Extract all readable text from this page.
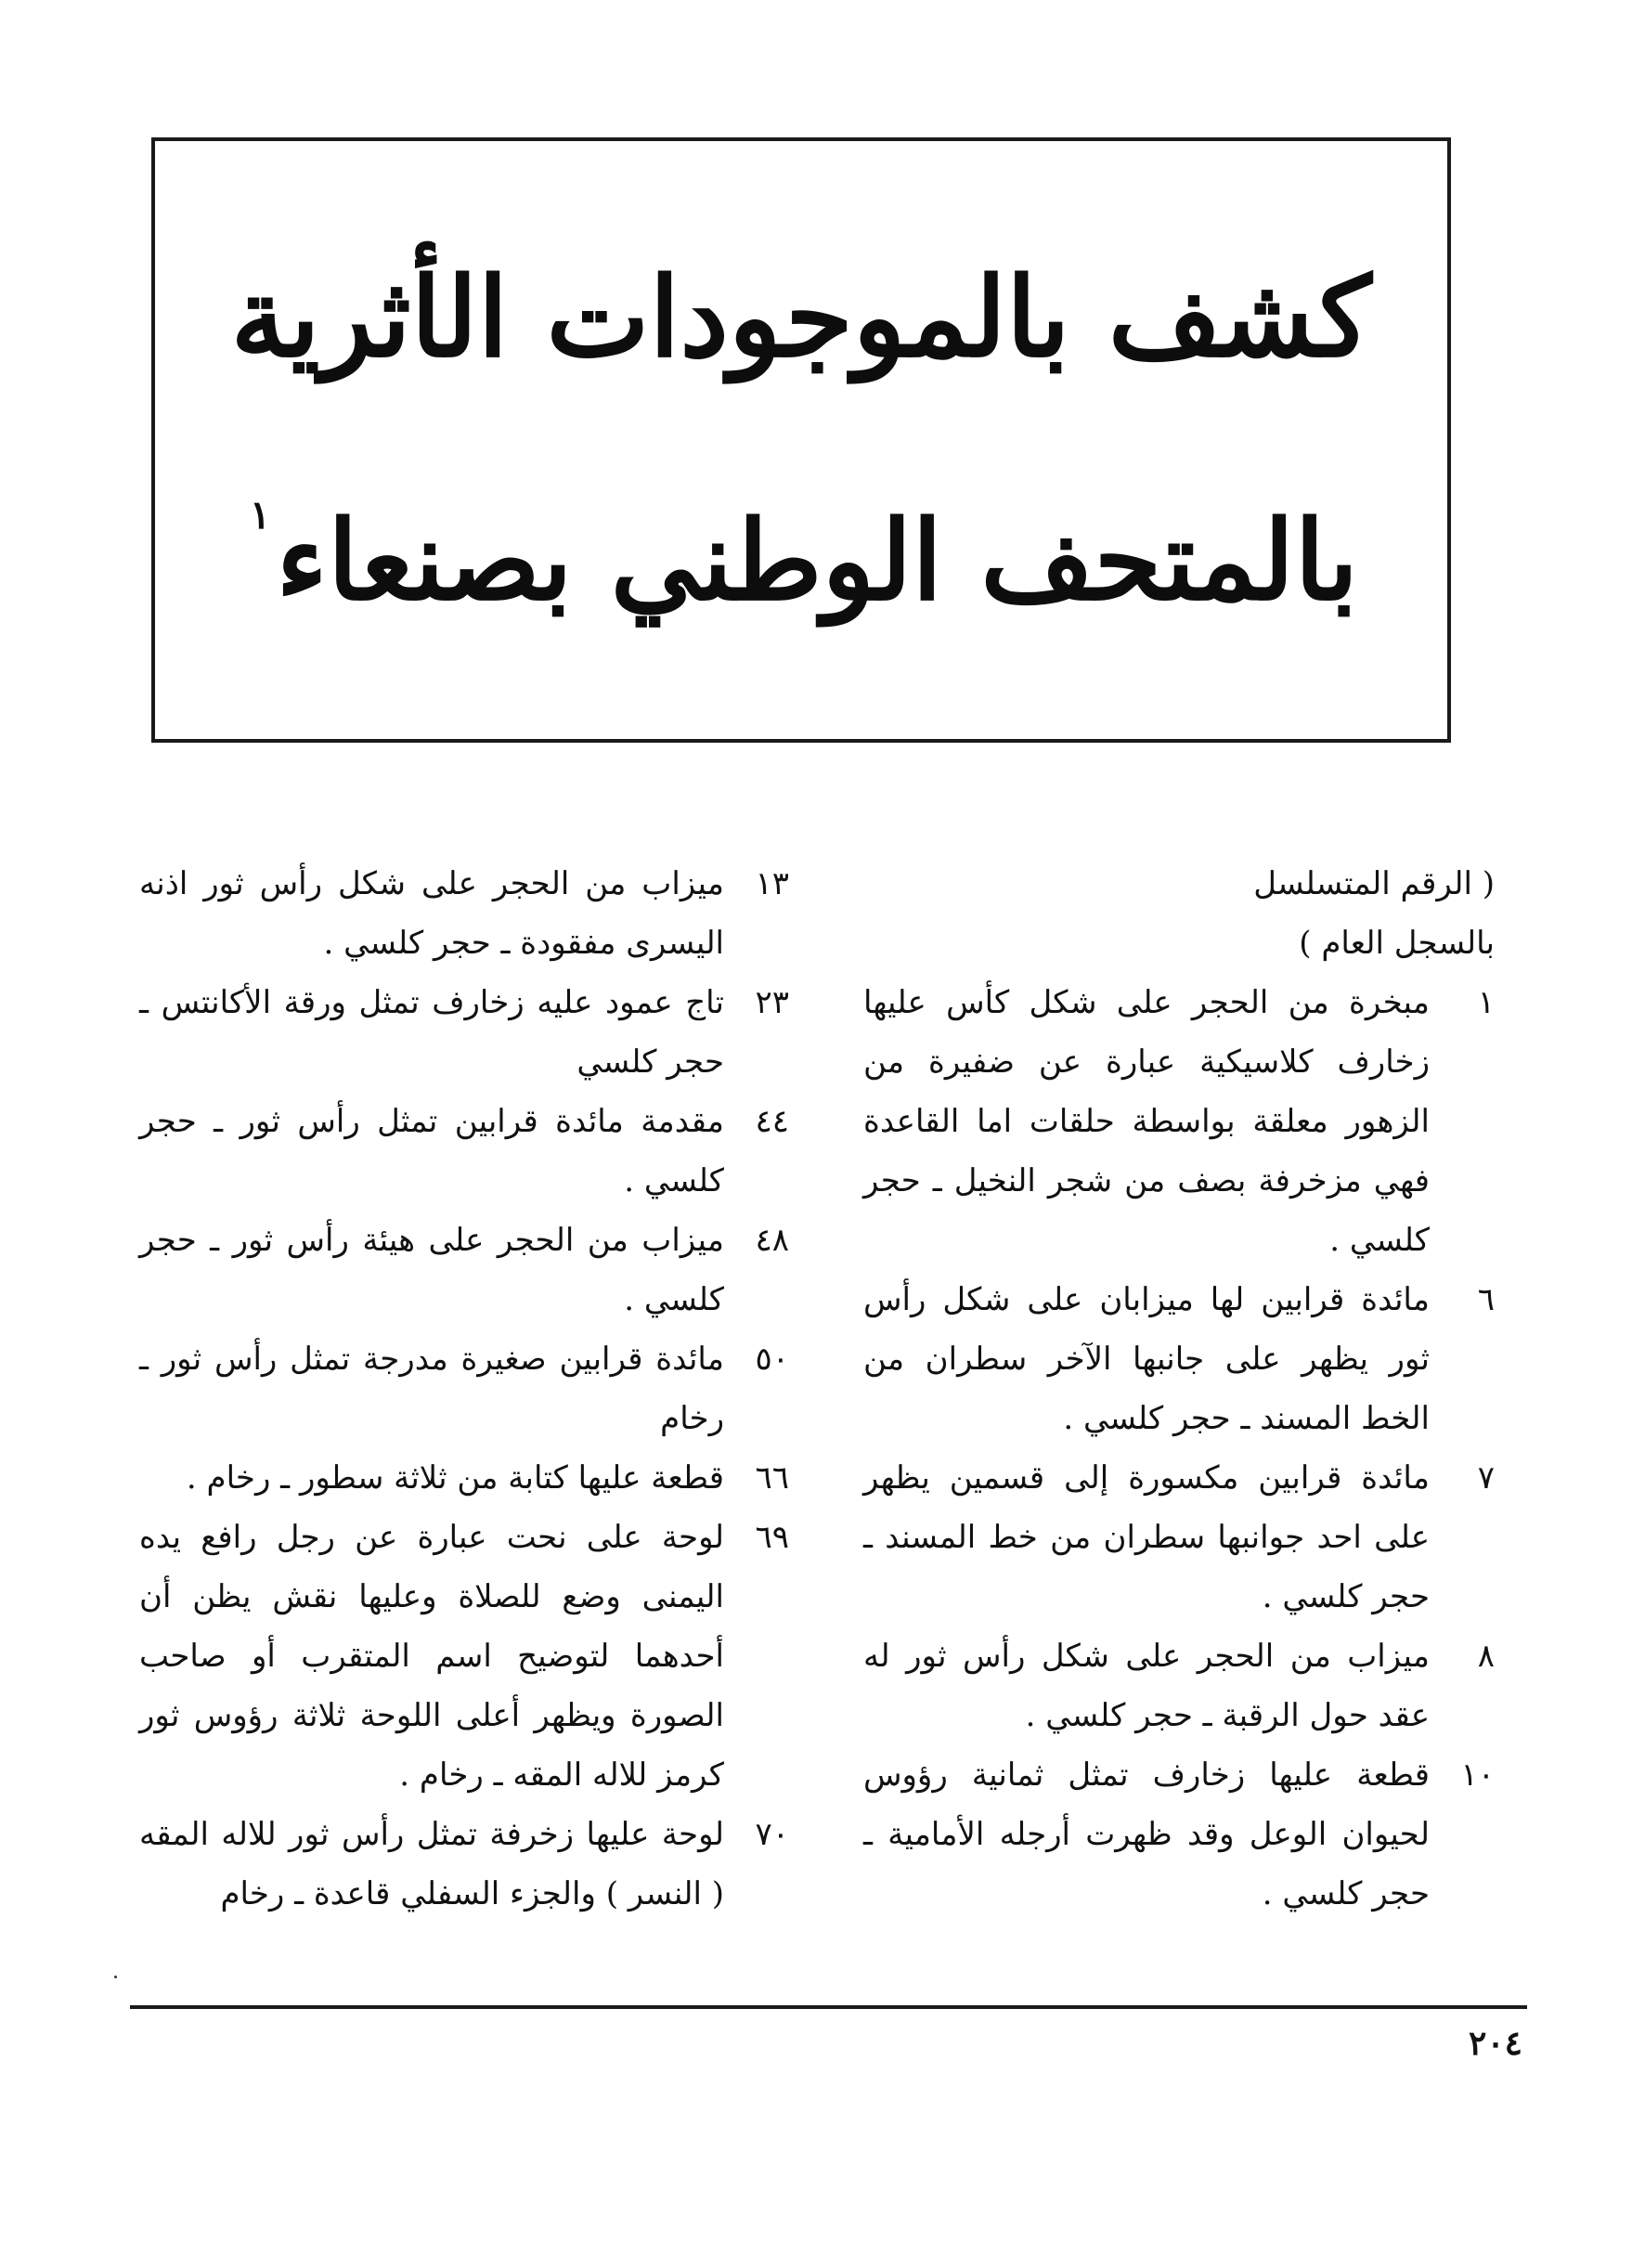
كشف بالموجودات الأثرية
بالمتحف الوطني بصنعاء$^١$
( الرقم المتسلسل
بالسجل العام )
١
مبخرة من الحجر على شكل كأس عليها زخارف كلاسيكية عبارة عن ضفيرة من الزهور معلقة بواسطة حلقات اما القاعدة فهي مزخرفة بصف من شجر النخيل ـ حجر كلسي .
٦
مائدة قرابين لها ميزابان على شكل رأس ثور يظهر على جانبها الآخر سطران من الخط المسند ـ حجر كلسي .
٧
مائدة قرابين مكسورة إلى قسمين يظهر على احد جوانبها سطران من خط المسند ـ حجر كلسي .
٨
ميزاب من الحجر على شكل رأس ثور له عقد حول الرقبة ـ حجر كلسي .
١٠
قطعة عليها زخارف تمثل ثمانية رؤوس لحيوان الوعل وقد ظهرت أرجله الأمامية ـ حجر كلسي .
١٣
ميزاب من الحجر على شكل رأس ثور اذنه اليسرى مفقودة ـ حجر كلسي .
٢٣
تاج عمود عليه زخارف تمثل ورقة الأكانتس ـ حجر كلسي
٤٤
مقدمة مائدة قرابين تمثل رأس ثور ـ حجر كلسي .
٤٨
ميزاب من الحجر على هيئة رأس ثور ـ حجر كلسي .
٥٠
مائدة قرابين صغيرة مدرجة تمثل رأس ثور ـ رخام
٦٦
قطعة عليها كتابة من ثلاثة سطور ـ رخام .
٦٩
لوحة على نحت عبارة عن رجل رافع يده اليمنى وضع للصلاة وعليها نقش يظن أن أحدهما لتوضيح اسم المتقرب أو صاحب الصورة ويظهر أعلى اللوحة ثلاثة رؤوس ثور كرمز للاله المقه ـ رخام .
٧٠
لوحة عليها زخرفة تمثل رأس ثور للاله المقه ( النسر ) والجزء السفلي قاعدة ـ رخام
٢٠٤
